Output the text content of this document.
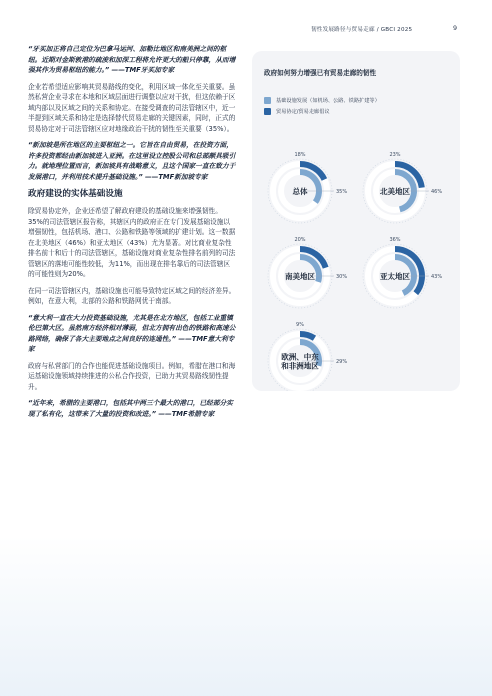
韧性发展路径与贸易走廊 / GBCI 2025	9

“牙买加正将自己定位为巴拿马运河、加勒比地区和南美洲之间的枢纽。近期对金斯敦港的疏浚和加深工程将允许更大的船只停靠，从而增强其作为贸易枢纽的能力。” ——TMF牙买加专家

企业若希望适应影响其贸易路线的变化，利用区域一体化至关重要。虽然私营企业寻求在本地和区域层面进行调整以应对干扰，但这依赖于区域内部以及区域之间的关系和协定。在接受调查的司法管辖区中，近一半提到区域关系和协定是选择替代贸易走廊的关键因素，同时，正式的贸易协定对于司法管辖区应对地缘政治干扰的韧性至关重要（35%）。

“新加坡是所在地区的主要枢纽之一。它旨在自由贸易，在投资方面，许多投资都经由新加坡进入亚洲。在这里设立控股公司和总部颇具吸引力。就地理位置而言，新加坡具有战略意义，且这个国家一直在致力于发展港口，并利用技术提升基础设施。” ——TMF新加坡专家

政府建设的实体基础设施

除贸易协定外，企业还希望了解政府建设的基础设施来增强韧性。35%的司法管辖区报告称，其辖区内的政府正在专门发展基础设施以增强韧性，包括机场、港口、公路和铁路等领域的扩建计划。这一数据在北美地区（46%）和亚太地区（43%）尤为显著。对比商业复杂性排名前十和后十的司法管辖区，基础设施对商业复杂性排名前列的司法管辖区的落地可能性较低，为11%，而出现在排名靠后的司法管辖区的可能性则为20%。

在同一司法管辖区内，基础设施也可能导致特定区域之间的经济差异。例如，在意大利，北部的公路和铁路网优于南部。

“意大利一直在大力投资基础设施，尤其是在北方地区，包括工业重镇伦巴第大区。虽然南方经济相对薄弱，但北方拥有出色的铁路和高速公路网络，确保了各大主要地点之间良好的连通性。” ——TMF意大利专家

政府与私营部门的合作也能促进基础设施项目。例如，希腊在港口和海运基础设施领域持续推进的公私合作投资，已助力其贸易路线韧性提升。

“近年来，希腊的主要港口，包括其中两三个最大的港口，已经部分实现了私有化，这带来了大量的投资和改进。” ——TMF希腊专家

政府如何努力增强已有贸易走廊的韧性
基础设施发展（如机场、公路、铁路扩建等）
贸易协定/贸易走廊倡议
总体
18%
35%	北美地区
23%
46%
南美地区
20%
30%	亚太地区
36%
43%
欧洲、中东
和非洲地区
9%
29%
